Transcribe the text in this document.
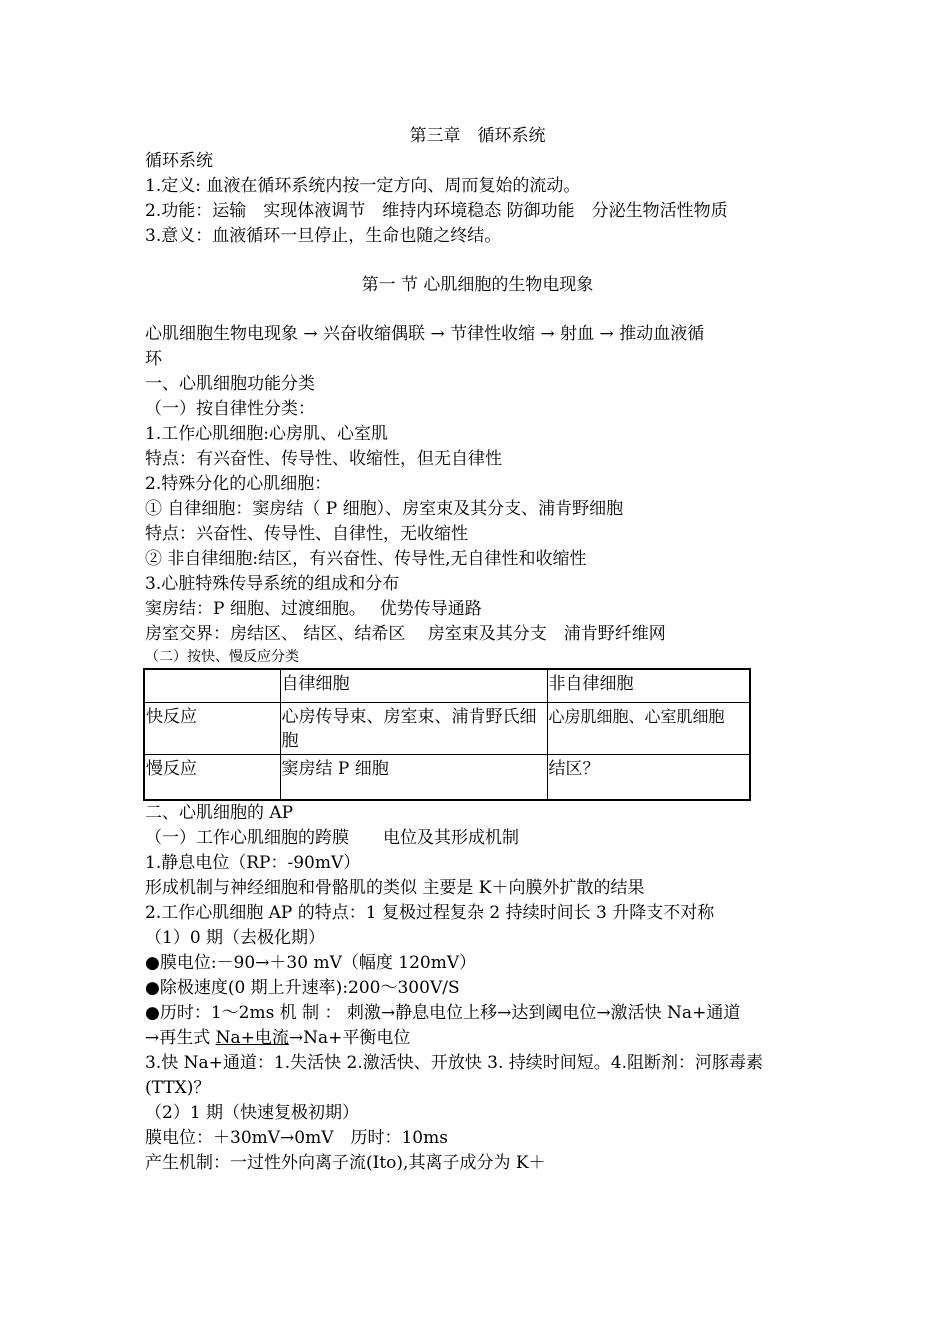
第三章　循环系统
循环系统
1.定义: 血液在循环系统内按一定方向、周而复始的流动。
2.功能：运输　实现体液调节　维持内环境稳态 防御功能　分泌生物活性物质
3.意义：血液循环一旦停止，生命也随之终结。
第一 节 心肌细胞的生物电现象
心肌细胞生物电现象 → 兴奋收缩偶联 → 节律性收缩 → 射血 → 推动血液循
环
一、心肌细胞功能分类
（一）按自律性分类：
1.工作心肌细胞:心房肌、心室肌
特点：有兴奋性、传导性、收缩性，但无自律性
2.特殊分化的心肌细胞：
① 自律细胞：窦房结（ P 细胞）、房室束及其分支、浦肯野细胞
特点：兴奋性、传导性、自律性，无收缩性
② 非自律细胞:结区，有兴奋性、传导性,无自律性和收缩性
3.心脏特殊传导系统的组成和分布
窦房结：P 细胞、过渡细胞。　 优势传导通路
房室交界：房结区、 结区、结希区　 房室束及其分支　浦肯野纤维网
（二）按快、慢反应分类
	自律细胞	非自律细胞
快反应	心房传导束、房室束、浦肯野氏细胞	心房肌细胞、心室肌细胞
慢反应	窦房结 P 细胞	结区？
二、心肌细胞的 AP
（一）工作心肌细胞的跨膜　　电位及其形成机制
1.静息电位（RP：-90mV）
形成机制与神经细胞和骨骼肌的类似 主要是 K＋向膜外扩散的结果
2.工作心肌细胞 AP 的特点：1 复极过程复杂 2 持续时间长 3 升降支不对称
（1）0 期（去极化期）
●膜电位:－90→＋30 mV（幅度 120mV）
●除极速度(0 期上升速率):200～300V/S
●历时：1～2ms 机 制 ： 刺激→静息电位上移→达到阈电位→激活快 Na+通道
→再生式 Na+电流→Na+平衡电位
3.快 Na+通道：1.失活快 2.激活快、开放快 3. 持续时间短。4.阻断剂：河豚毒素
(TTX)？
（2）1 期（快速复极初期）
膜电位：＋30mV→0mV　历时：10ms
产生机制：一过性外向离子流(Ito),其离子成分为 K＋
